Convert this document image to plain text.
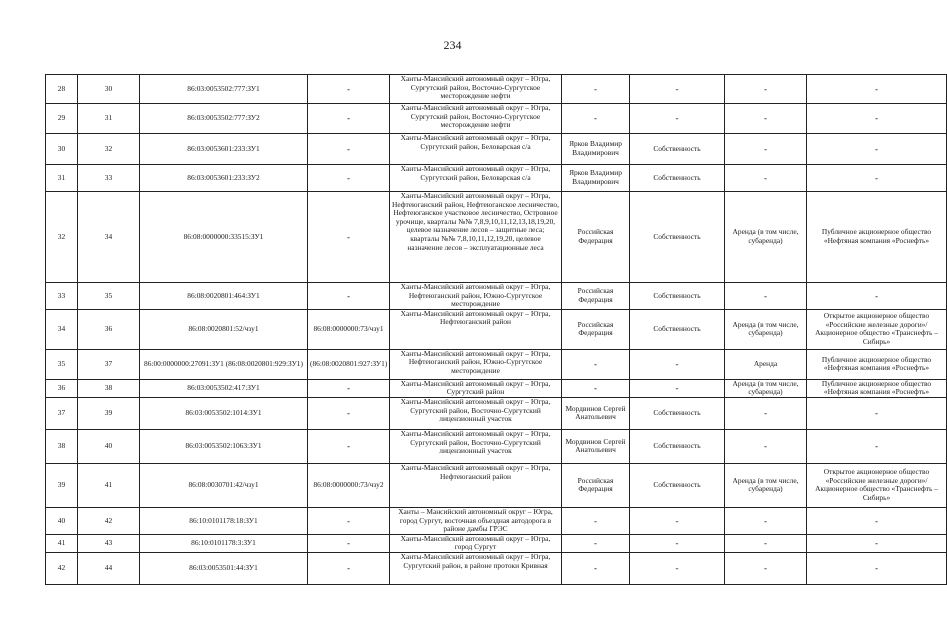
234
28	30	86:03:0053502:777:ЗУ1	-	Ханты-Мансийский автономный округ – Югра, Сургутский район, Восточно-Сургутское месторождение нефти	-	-	-	-
29	31	86:03:0053502:777:ЗУ2	-	Ханты-Мансийский автономный округ – Югра, Сургутский район, Восточно-Сургутское месторождение нефти	-	-	-	-
30	32	86:03:0053601:233:ЗУ1	-	Ханты-Мансийский автономный округ – Югра, Сургутский район, Беловарская с/а	Ярков Владимир Владимирович	Собственность	-	-
31	33	86:03:0053601:233:ЗУ2	-	Ханты-Мансийский автономный округ – Югра, Сургутский район, Беловарская с/а	Ярков Владимир Владимирович	Собственность	-	-
32	34	86:08:0000000:33515:ЗУ1	-	Ханты-Мансийский автономный округ – Югра, Нефтеюганский район, Нефтеюганское лесничество, Нефтеюганское участковое лесничество, Островное урочище, кварталы №№ 7,8,9,10,11,12,13,18,19,20, целевое назначение лесов – защитные леса; кварталы №№ 7,8,10,11,12,19,20, целевое назначение лесов – эксплуатационные леса	Российская Федерация	Собственность	Аренда (в том числе, субаренда)	Публичное акционерное общество «Нефтяная компания «Роснефть»
33	35	86:08:0020801:464:ЗУ1	-	Ханты-Мансийский автономный округ – Югра, Нефтеюганский район, Южно-Сургутское месторождение	Российская Федерация	Собственность	-	-
34	36	86:08:0020801:52/чзу1	86:08:0000000:73/чзу1	Ханты-Мансийский автономный округ – Югра, Нефтеюганский район	Российская Федерация	Собственность	Аренда (в том числе, субаренда)	Открытое акционерное общество «Российские железные дороги»/Акционерное общество «Транснефть – Сибирь»
35	37	86:00:0000000:27091:ЗУ1 (86:08:0020801:929:ЗУ1)	(86:08:0020801:927:ЗУ1)	Ханты-Мансийский автономный округ – Югра, Нефтеюганский район, Южно-Сургутское месторождение	-	-	Аренда	Публичное акционерное общество «Нефтяная компания «Роснефть»
36	38	86:03:0053502:417:ЗУ1	-	Ханты-Мансийский автономный округ – Югра, Сургутский район	-	-	Аренда (в том числе, субаренда)	Публичное акционерное общество «Нефтяная компания «Роснефть»
37	39	86:03:0053502:1014:ЗУ1	-	Ханты-Мансийский автономный округ – Югра, Сургутский район, Восточно-Сургутский лицензионный участок	Мордвинов Сергей Анатольевич	Собственность	-	-
38	40	86:03:0053502:1063:ЗУ1	-	Ханты-Мансийский автономный округ – Югра, Сургутский район, Восточно-Сургутский лицензионный участок	Мордвинов Сергей Анатольевич	Собственность	-	-
39	41	86:08:0030701:42/чзу1	86:08:0000000:73/чзу2	Ханты-Мансийский автономный округ – Югра, Нефтеюганский район	Российская Федерация	Собственность	Аренда (в том числе, субаренда)	Открытое акционерное общество «Российские железные дороги»/Акционерное общество «Транснефть – Сибирь»
40	42	86:10:0101178:18:ЗУ1	-	Ханты – Мансийский автономный округ – Югра, город Сургут, восточная объездная автодорога в районе дамбы ГРЭС	-	-	-	-
41	43	86:10:0101178:3:ЗУ1	-	Ханты-Мансийский автономный округ – Югра, город Сургут	-	-	-	-
42	44	86:03:0053501:44:ЗУ1	-	Ханты-Мансийский автономный округ – Югра, Сургутский район, в районе протоки Кривная	-	-	-	-
